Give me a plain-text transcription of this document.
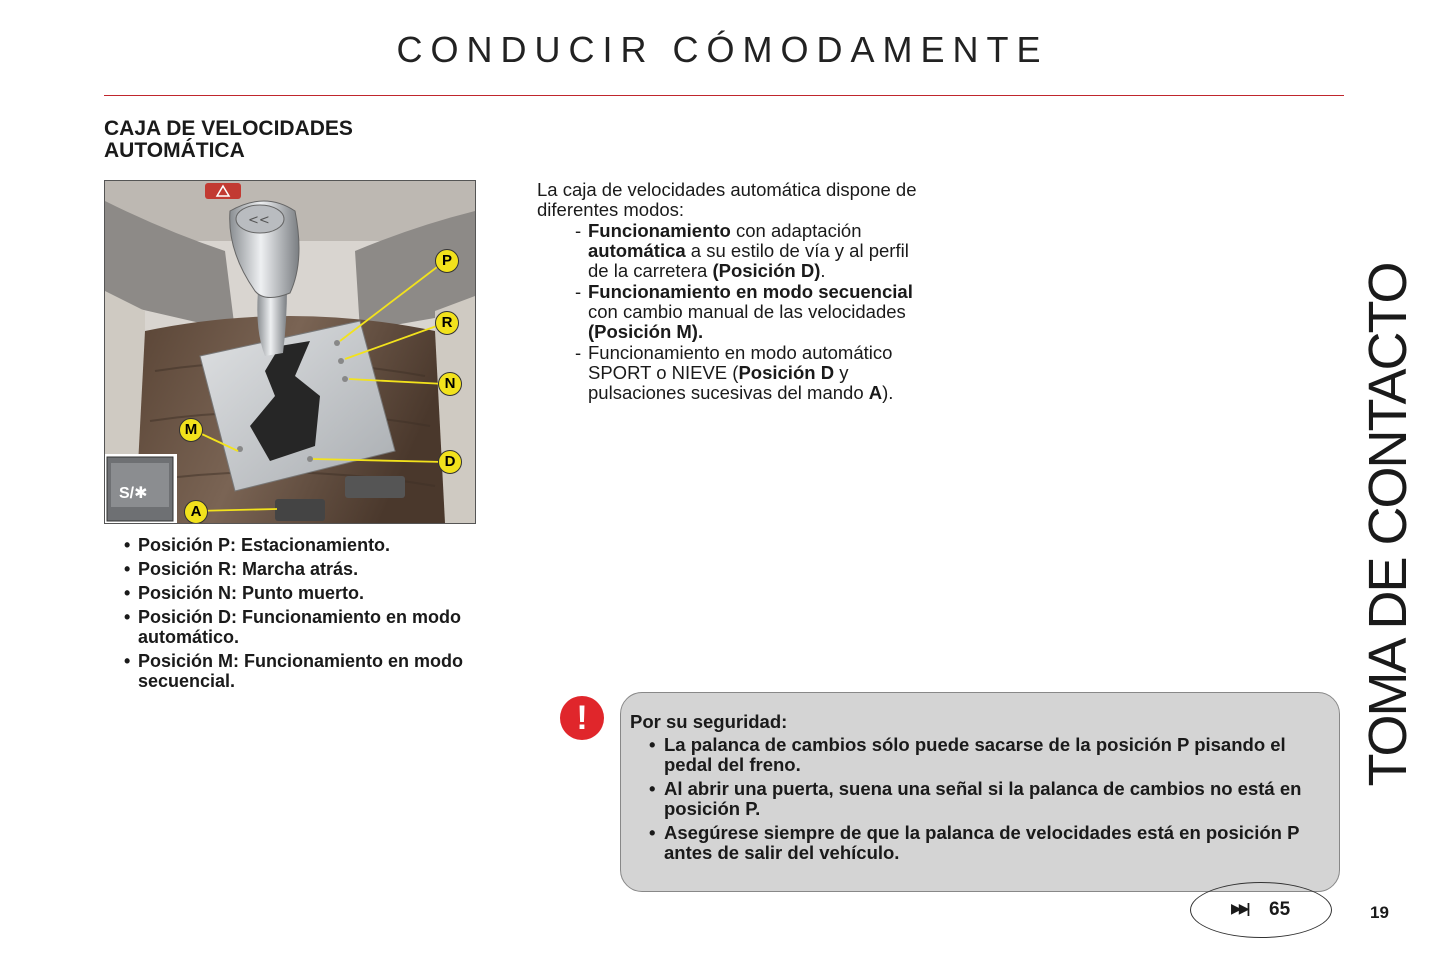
CONDUCIR CÓMODAMENTE
CAJA DE VELOCIDADES
AUTOMÁTICA
<<
P
R
N
D
M
A
S/✱
• Posición P: Estacionamiento.
• Posición R: Marcha atrás.
• Posición N: Punto muerto.
• Posición D: Funcionamiento en modo automático.
• Posición M: Funcionamiento en modo secuencial.

La caja de velocidades automática dispone de diferentes modos:

- Funcionamiento con adaptación automática a su estilo de vía y al perfil de la carretera (Posición D).
- Funcionamiento en modo secuencial con cambio manual de las velocidades (Posición M).
- Funcionamiento en modo automático SPORT o NIEVE (Posición D y pulsaciones sucesivas del mando A).	TOMA DE CONTACTO
!	Por su seguridad:

• La palanca de cambios sólo puede sacarse de la posición P pisando el pedal del freno.
• Al abrir una puerta, suena una señal si la palanca de cambios no está en posición P.
• Asegúrese siempre de que la palanca de velocidades está en posición P antes de salir del vehículo.
▶▶| 65	19
